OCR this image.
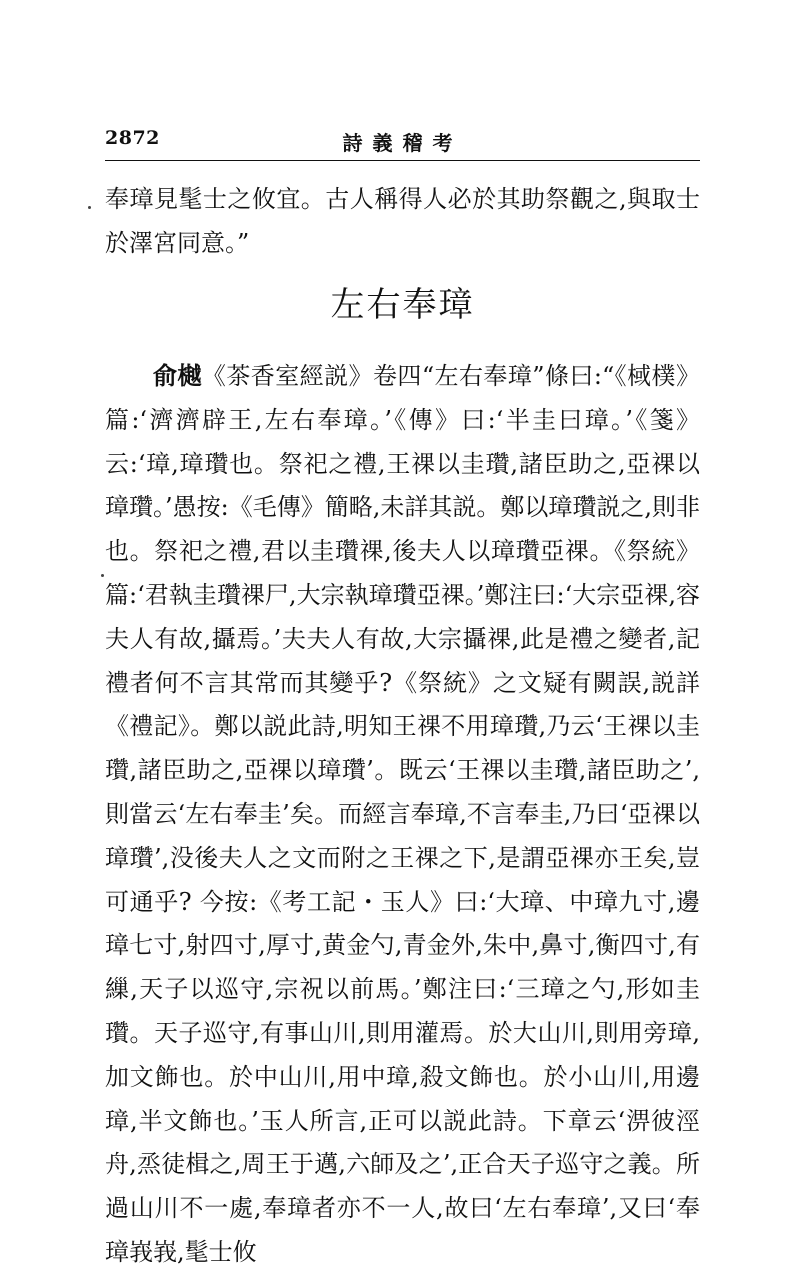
2872	詩義稽考

奉璋見髦士之攸宜。古人稱得人必於其助祭觀之,與取士於澤宮同意。”

左右奉璋

俞樾《茶香室經説》卷四“左右奉璋”條曰:“《棫樸》篇:‘濟濟辟王,左右奉璋。’《傳》曰:‘半圭曰璋。’《箋》云:‘璋,璋瓚也。祭祀之禮,王祼以圭瓚,諸臣助之,亞祼以璋瓚。’愚按:《毛傳》簡略,未詳其説。鄭以璋瓚説之,則非也。祭祀之禮,君以圭瓚祼,後夫人以璋瓚亞祼。《祭統》篇:‘君執圭瓚祼尸,大宗執璋瓚亞祼。’鄭注曰:‘大宗亞祼,容夫人有故,攝焉。’夫夫人有故,大宗攝祼,此是禮之變者,記禮者何不言其常而其變乎?《祭統》之文疑有闕誤,説詳《禮記》。鄭以説此詩,明知王祼不用璋瓚,乃云‘王祼以圭瓚,諸臣助之,亞祼以璋瓚’。既云‘王祼以圭瓚,諸臣助之’,則當云‘左右奉圭’矣。而經言奉璋,不言奉圭,乃曰‘亞祼以璋瓚’,没後夫人之文而附之王祼之下,是謂亞祼亦王矣,豈可通乎? 今按:《考工記・玉人》曰:‘大璋、中璋九寸,邊璋七寸,射四寸,厚寸,黄金勺,青金外,朱中,鼻寸,衡四寸,有繅,天子以巡守,宗祝以前馬。’鄭注曰:‘三璋之勺,形如圭瓚。天子巡守,有事山川,則用灌焉。於大山川,則用旁璋,加文飾也。於中山川,用中璋,殺文飾也。於小山川,用邊璋,半文飾也。’玉人所言,正可以説此詩。下章云‘淠彼涇舟,烝徒楫之,周王于邁,六師及之’,正合天子巡守之義。所過山川不一處,奉璋者亦不一人,故曰‘左右奉璋’,又曰‘奉璋峩峩,髦士攸
